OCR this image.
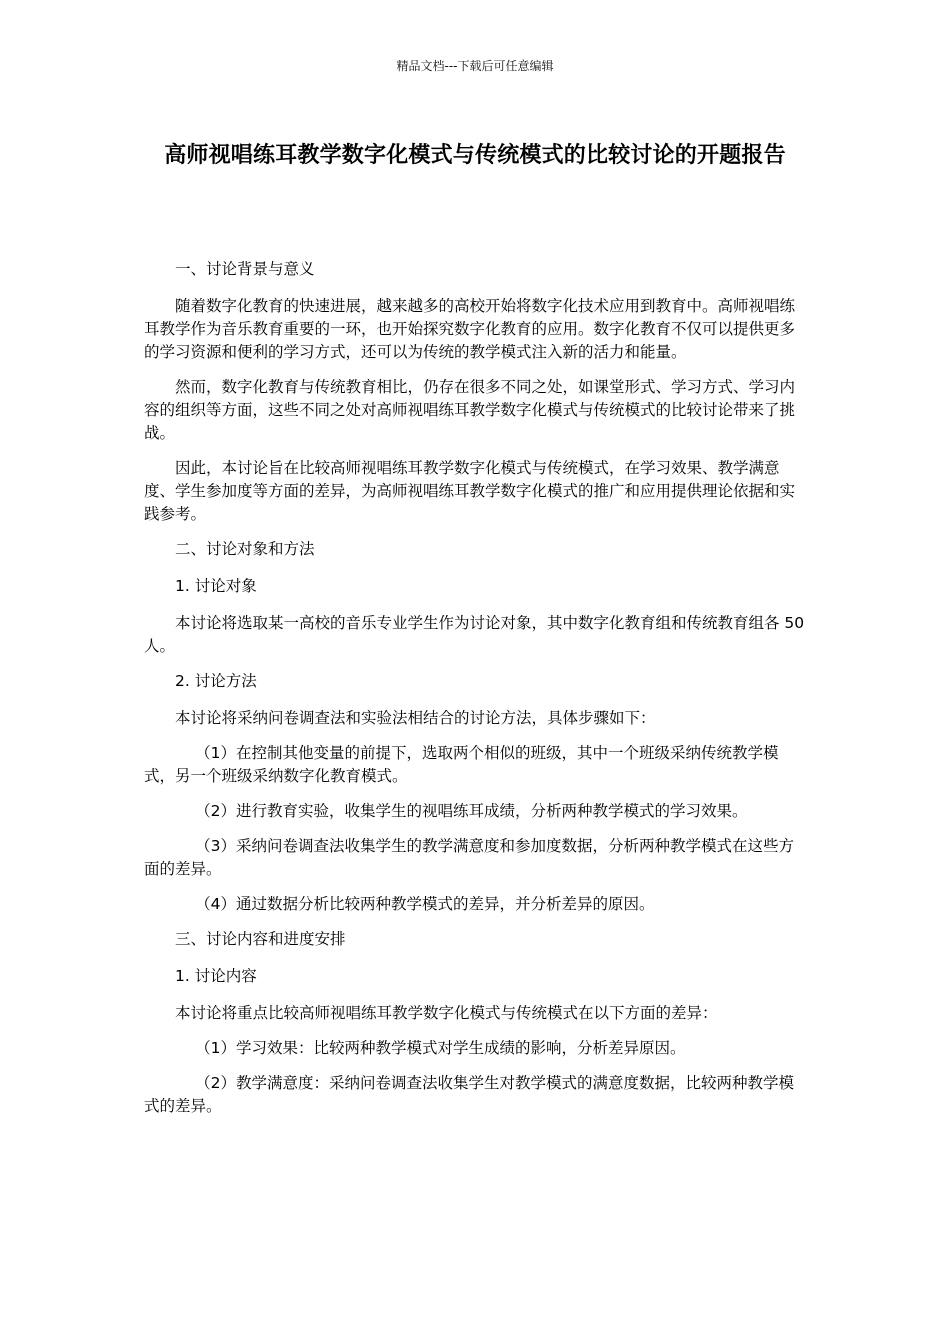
精品文档---下载后可任意编辑
高师视唱练耳教学数字化模式与传统模式的比较讨论的开题报告

一、讨论背景与意义

随着数字化教育的快速进展，越来越多的高校开始将数字化技术应用到教育中。高师视唱练耳教学作为音乐教育重要的一环，也开始探究数字化教育的应用。数字化教育不仅可以提供更多的学习资源和便利的学习方式，还可以为传统的教学模式注入新的活力和能量。

然而，数字化教育与传统教育相比，仍存在很多不同之处，如课堂形式、学习方式、学习内容的组织等方面，这些不同之处对高师视唱练耳教学数字化模式与传统模式的比较讨论带来了挑战。

因此，本讨论旨在比较高师视唱练耳教学数字化模式与传统模式，在学习效果、教学满意度、学生参加度等方面的差异，为高师视唱练耳教学数字化模式的推广和应用提供理论依据和实践参考。

二、讨论对象和方法

1. 讨论对象

本讨论将选取某一高校的音乐专业学生作为讨论对象，其中数字化教育组和传统教育组各 50 人。

2. 讨论方法

本讨论将采纳问卷调查法和实验法相结合的讨论方法，具体步骤如下：

（1）在控制其他变量的前提下，选取两个相似的班级，其中一个班级采纳传统教学模式，另一个班级采纳数字化教育模式。

（2）进行教育实验，收集学生的视唱练耳成绩，分析两种教学模式的学习效果。

（3）采纳问卷调查法收集学生的教学满意度和参加度数据，分析两种教学模式在这些方面的差异。

（4）通过数据分析比较两种教学模式的差异，并分析差异的原因。

三、讨论内容和进度安排

1. 讨论内容

本讨论将重点比较高师视唱练耳教学数字化模式与传统模式在以下方面的差异：

（1）学习效果：比较两种教学模式对学生成绩的影响，分析差异原因。

（2）教学满意度：采纳问卷调查法收集学生对教学模式的满意度数据，比较两种教学模式的差异。
